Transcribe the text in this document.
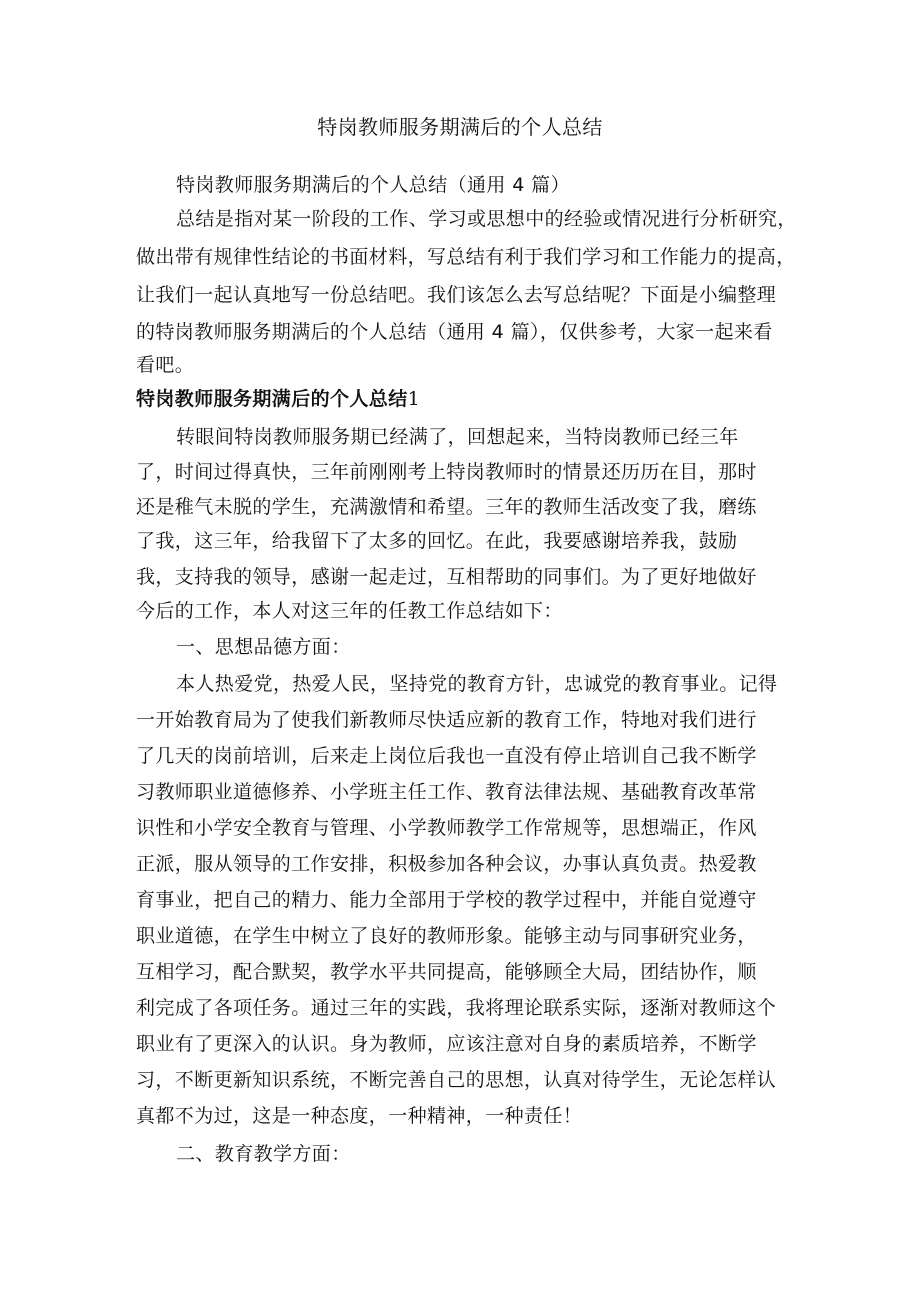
特岗教师服务期满后的个人总结
特岗教师服务期满后的个人总结（通用 4 篇）
总结是指对某一阶段的工作、学习或思想中的经验或情况进行分析研究，
做出带有规律性结论的书面材料，写总结有利于我们学习和工作能力的提高，
让我们一起认真地写一份总结吧。我们该怎么去写总结呢？下面是小编整理
的特岗教师服务期满后的个人总结（通用 4 篇），仅供参考，大家一起来看
看吧。
特岗教师服务期满后的个人总结1
转眼间特岗教师服务期已经满了，回想起来，当特岗教师已经三年
了，时间过得真快，三年前刚刚考上特岗教师时的情景还历历在目，那时
还是稚气未脱的学生，充满激情和希望。三年的教师生活改变了我，磨练
了我，这三年，给我留下了太多的回忆。在此，我要感谢培养我，鼓励
我，支持我的领导，感谢一起走过，互相帮助的同事们。为了更好地做好
今后的工作，本人对这三年的任教工作总结如下：
一、思想品德方面：
本人热爱党，热爱人民，坚持党的教育方针，忠诚党的教育事业。记得
一开始教育局为了使我们新教师尽快适应新的教育工作，特地对我们进行
了几天的岗前培训，后来走上岗位后我也一直没有停止培训自己我不断学
习教师职业道德修养、小学班主任工作、教育法律法规、基础教育改革常
识性和小学安全教育与管理、小学教师教学工作常规等，思想端正，作风
正派，服从领导的工作安排，积极参加各种会议，办事认真负责。热爱教
育事业，把自己的精力、能力全部用于学校的教学过程中，并能自觉遵守
职业道德，在学生中树立了良好的教师形象。能够主动与同事研究业务，
互相学习，配合默契，教学水平共同提高，能够顾全大局，团结协作，顺
利完成了各项任务。通过三年的实践，我将理论联系实际，逐渐对教师这个
职业有了更深入的认识。身为教师，应该注意对自身的素质培养，不断学
习，不断更新知识系统，不断完善自己的思想，认真对待学生，无论怎样认
真都不为过，这是一种态度，一种精神，一种责任！
二、教育教学方面：
